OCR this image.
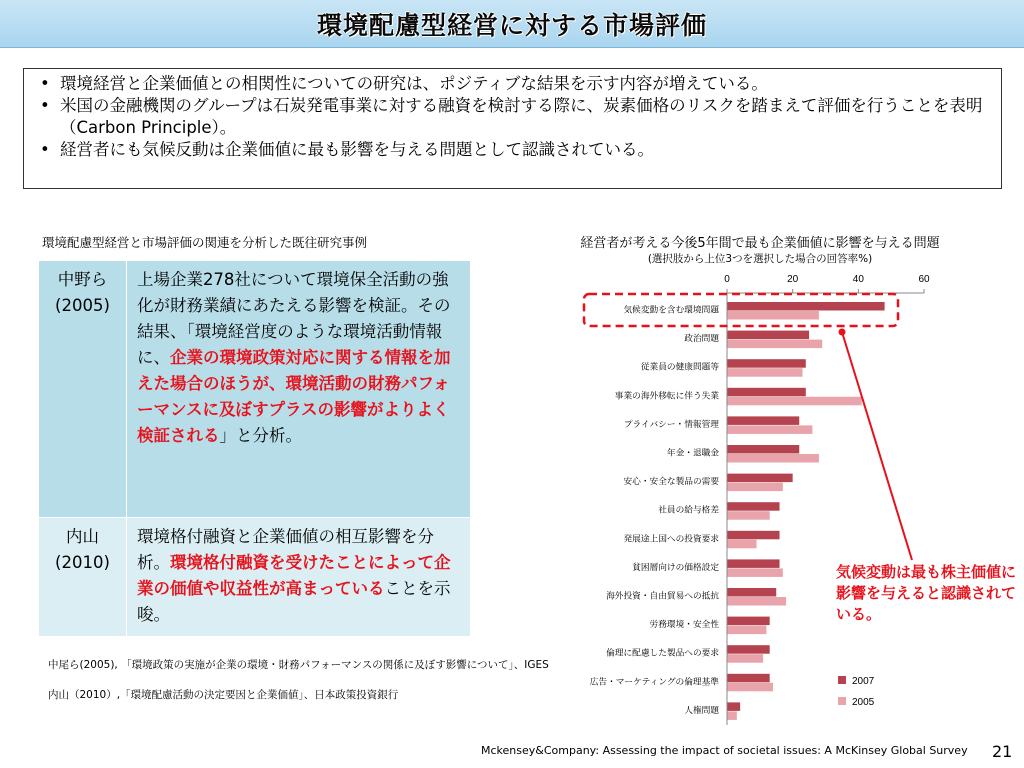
環境配慮型経営に対する市場評価
• 環境経営と企業価値との相関性についての研究は、ポジティブな結果を示す内容が増えている。
• 米国の金融機関のグループは石炭発電事業に対する融資を検討する際に、炭素価格のリスクを踏まえて評価を行うことを表明（Carbon Principle）。
• 経営者にも気候反動は企業価値に最も影響を与える問題として認識されている。
環境配慮型経営と市場評価の関連を分析した既往研究事例
中野ら
(2005)	上場企業278社について環境保全活動の強化が財務業績にあたえる影響を検証。その結果、「環境経営度のような環境活動情報に、企業の環境政策対応に関する情報を加えた場合のほうが、環境活動の財務パフォーマンスに及ぼすプラスの影響がよりよく検証される」と分析。

内山
(2010)	環境格付融資と企業価値の相互影響を分析。環境格付融資を受けたことによって企業の価値や収益性が高まっていることを示唆。

中尾ら(2005), 「環境政策の実施が企業の環境・財務パフォーマンスの関係に及ぼす影響について」、IGES

内山（2010）,「環境配慮活動の決定要因と企業価値」、日本政策投資銀行

経営者が考える今後5年間で最も企業価値に影響を与える問題
(選択肢から上位3つを選択した場合の回答率%)
0	20	40	60
気候変動を含む環境問題
政治問題
従業員の健康問題等
事業の海外移転に伴う失業
プライバシー・情報管理
年金・退職金
安心・安全な製品の需要
社員の給与格差
発展途上国への投資要求
貧困層向けの価格設定
海外投資・自由貿易への抵抗
労務環境・安全性
倫理に配慮した製品への要求
広告・マーケティングの倫理基準
人権問題
2007
2005
気候変動は最も株主価値に影響を与えると認識されている。
Mckensey&Company: Assessing the impact of societal issues: A McKinsey Global Survey 21
